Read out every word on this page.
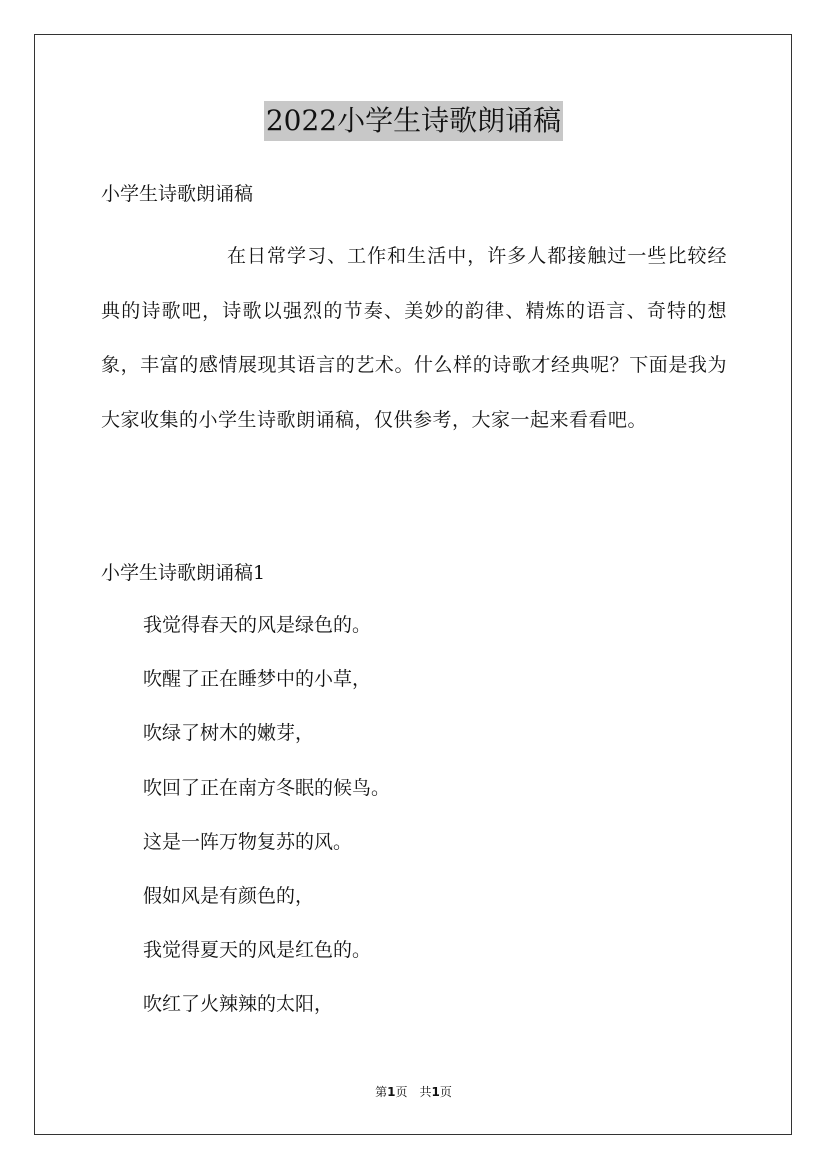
2022小学生诗歌朗诵稿
小学生诗歌朗诵稿

在日常学习、工作和生活中，许多人都接触过一些比较经典的诗歌吧，诗歌以强烈的节奏、美妙的韵律、精炼的语言、奇特的想象，丰富的感情展现其语言的艺术。什么样的诗歌才经典呢？下面是我为大家收集的小学生诗歌朗诵稿，仅供参考，大家一起来看看吧。

小学生诗歌朗诵稿1
我觉得春天的风是绿色的。
吹醒了正在睡梦中的小草，
吹绿了树木的嫩芽，
吹回了正在南方冬眠的候鸟。
这是一阵万物复苏的风。
假如风是有颜色的，
我觉得夏天的风是红色的。
吹红了火辣辣的太阳，
第1页 共1页
